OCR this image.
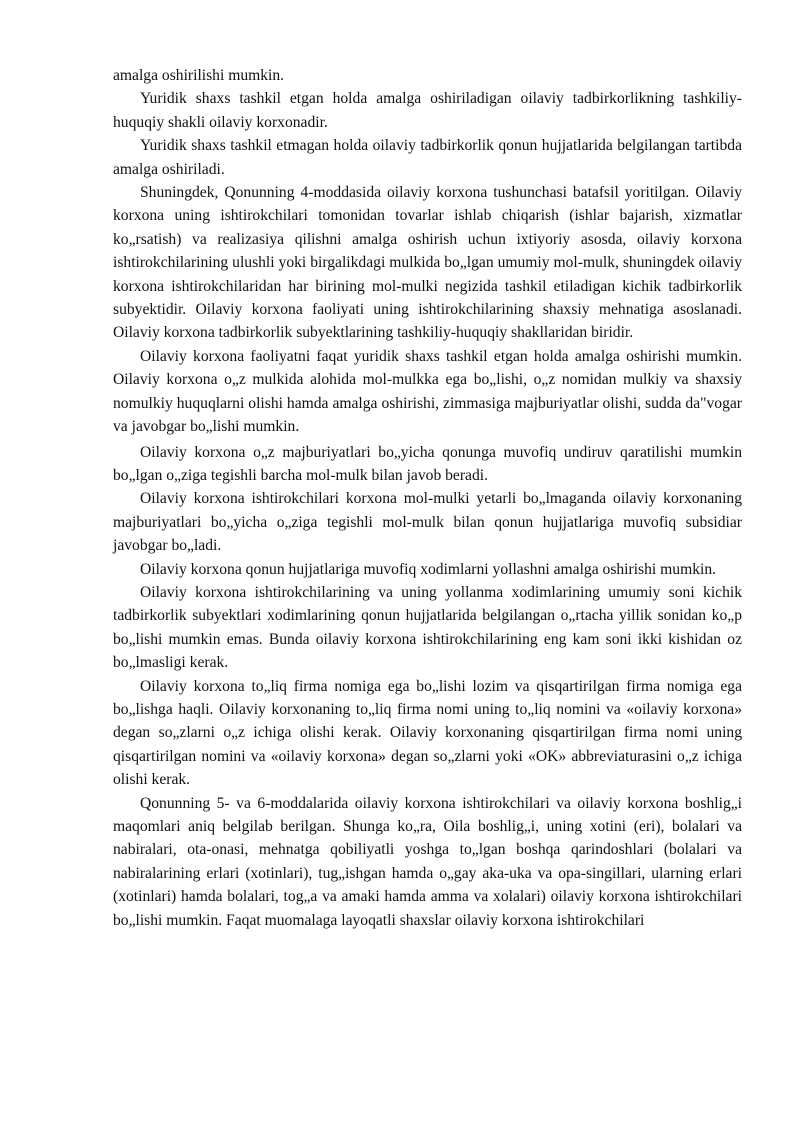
amalga oshirilishi mumkin.

Yuridik shaxs tashkil etgan holda amalga oshiriladigan oilaviy tadbirkorlikning tashkiliy-huquqiy shakli oilaviy korxonadir.

Yuridik shaxs tashkil etmagan holda oilaviy tadbirkorlik qonun hujjatlarida belgilangan tartibda amalga oshiriladi.

Shuningdek, Qonunning 4-moddasida oilaviy korxona tushunchasi batafsil yoritilgan. Oilaviy korxona uning ishtirokchilari tomonidan tovarlar ishlab chiqarish (ishlar bajarish, xizmatlar ko„rsatish) va realizasiya qilishni amalga oshirish uchun ixtiyoriy asosda, oilaviy korxona ishtirokchilarining ulushli yoki birgalikdagi mulkida bo„lgan umumiy mol-mulk, shuningdek oilaviy korxona ishtirokchilaridan har birining mol-mulki negizida tashkil etiladigan kichik tadbirkorlik subyektidir. Oilaviy korxona faoliyati uning ishtirokchilarining shaxsiy mehnatiga asoslanadi. Oilaviy korxona tadbirkorlik subyektlarining tashkiliy-huquqiy shakllaridan biridir.

Oilaviy korxona faoliyatni faqat yuridik shaxs tashkil etgan holda amalga oshirishi mumkin. Oilaviy korxona o„z mulkida alohida mol-mulkka ega bo„lishi, o„z nomidan mulkiy va shaxsiy nomulkiy huquqlarni olishi hamda amalga oshirishi, zimmasiga majburiyatlar olishi, sudda da"vogar va javobgar bo„lishi mumkin.

Oilaviy korxona o„z majburiyatlari bo„yicha qonunga muvofiq undiruv qaratilishi mumkin bo„lgan o„ziga tegishli barcha mol-mulk bilan javob beradi.

Oilaviy korxona ishtirokchilari korxona mol-mulki yetarli bo„lmaganda oilaviy korxonaning majburiyatlari bo„yicha o„ziga tegishli mol-mulk bilan qonun hujjatlariga muvofiq subsidiar javobgar bo„ladi.

Oilaviy korxona qonun hujjatlariga muvofiq xodimlarni yollashni amalga oshirishi mumkin.

Oilaviy korxona ishtirokchilarining va uning yollanma xodimlarining umumiy soni kichik tadbirkorlik subyektlari xodimlarining qonun hujjatlarida belgilangan o„rtacha yillik sonidan ko„p bo„lishi mumkin emas. Bunda oilaviy korxona ishtirokchilarining eng kam soni ikki kishidan oz bo„lmasligi kerak.

Oilaviy korxona to„liq firma nomiga ega bo„lishi lozim va qisqartirilgan firma nomiga ega bo„lishga haqli. Oilaviy korxonaning to„liq firma nomi uning to„liq nomini va «oilaviy korxona» degan so„zlarni o„z ichiga olishi kerak. Oilaviy korxonaning qisqartirilgan firma nomi uning qisqartirilgan nomini va «oilaviy korxona» degan so„zlarni yoki «OK» abbreviaturasini o„z ichiga olishi kerak.

Qonunning 5- va 6-moddalarida oilaviy korxona ishtirokchilari va oilaviy korxona boshlig„i maqomlari aniq belgilab berilgan. Shunga ko„ra, Oila boshlig„i, uning xotini (eri), bolalari va nabiralari, ota-onasi, mehnatga qobiliyatli yoshga to„lgan boshqa qarindoshlari (bolalari va nabiralarining erlari (xotinlari), tug„ishgan hamda o„gay aka-uka va opa-singillari, ularning erlari (xotinlari) hamda bolalari, tog„a va amaki hamda amma va xolalari) oilaviy korxona ishtirokchilari bo„lishi mumkin. Faqat muomalaga layoqatli shaxslar oilaviy korxona ishtirokchilari
